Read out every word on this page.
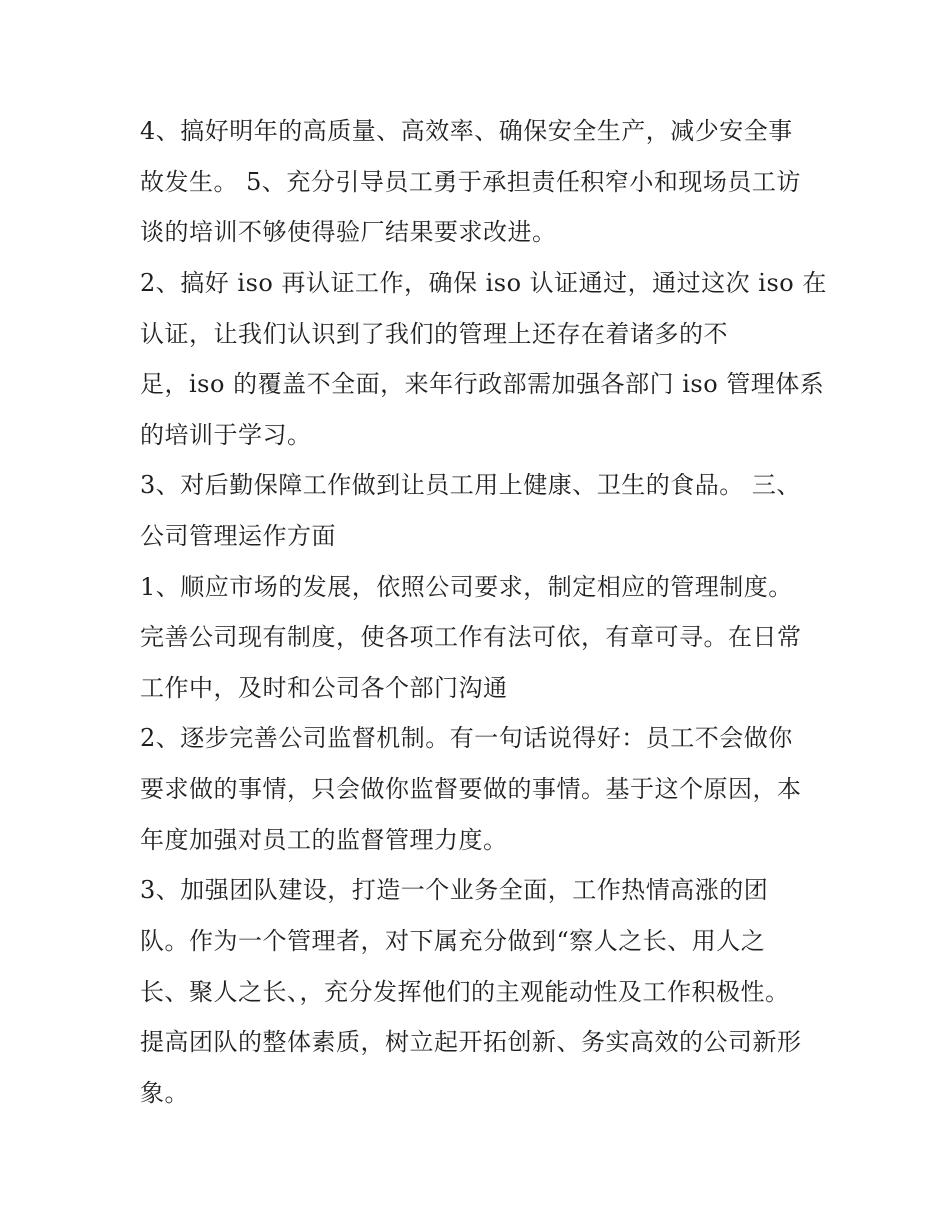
4、搞好明年的高质量、高效率、确保安全生产，减少安全事

故发生。 5、充分引导员工勇于承担责任积窄小和现场员工访

谈的培训不够使得验厂结果要求改进。

2、搞好 iso 再认证工作，确保 iso 认证通过，通过这次 iso 在

认证，让我们认识到了我们的管理上还存在着诸多的不

足，iso 的覆盖不全面，来年行政部需加强各部门 iso 管理体系

的培训于学习。

3、对后勤保障工作做到让员工用上健康、卫生的食品。 三、

公司管理运作方面

1、顺应市场的发展，依照公司要求，制定相应的管理制度。

完善公司现有制度，使各项工作有法可依，有章可寻。在日常

工作中，及时和公司各个部门沟通

2、逐步完善公司监督机制。有一句话说得好：员工不会做你

要求做的事情，只会做你监督要做的事情。基于这个原因，本

年度加强对员工的监督管理力度。

3、加强团队建设，打造一个业务全面，工作热情高涨的团

队。作为一个管理者，对下属充分做到“察人之长、用人之

长、聚人之长、，充分发挥他们的主观能动性及工作积极性。

提高团队的整体素质，树立起开拓创新、务实高效的公司新形

象。
